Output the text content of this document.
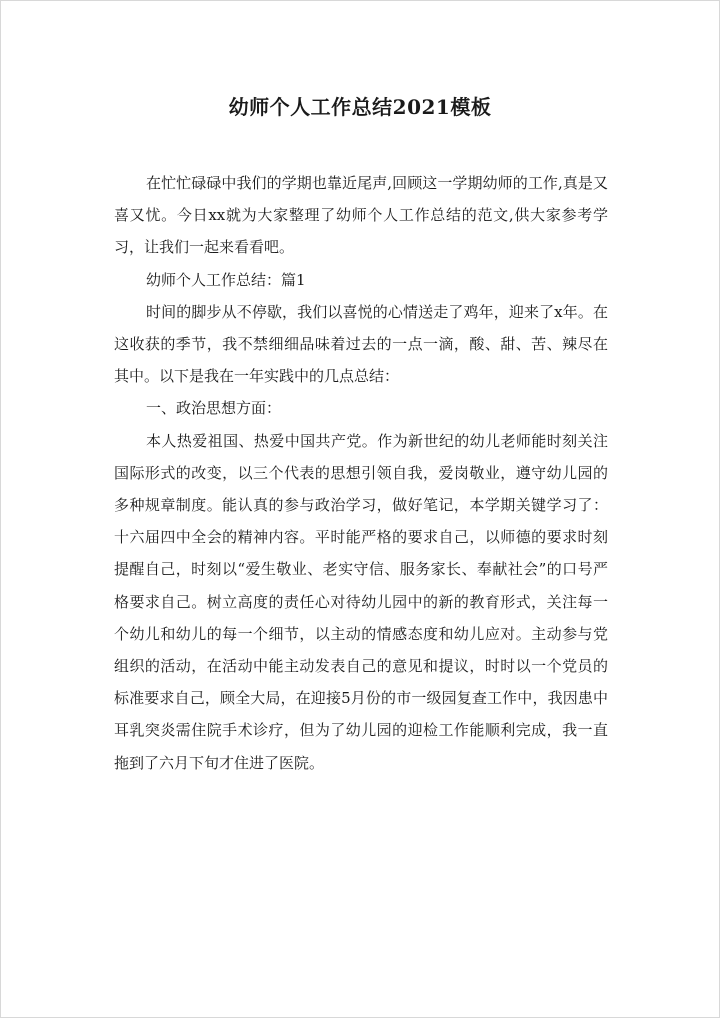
幼师个人工作总结2021模板

在忙忙碌碌中我们的学期也靠近尾声,回顾这一学期幼师的工作,真是又喜又忧。今日xx就为大家整理了幼师个人工作总结的范文,供大家参考学习，让我们一起来看看吧。

幼师个人工作总结：篇1

时间的脚步从不停歇，我们以喜悦的心情送走了鸡年，迎来了x年。在这收获的季节，我不禁细细品味着过去的一点一滴，酸、甜、苦、辣尽在其中。以下是我在一年实践中的几点总结：

一、政治思想方面：

本人热爱祖国、热爱中国共产党。作为新世纪的幼儿老师能时刻关注国际形式的改变，以三个代表的思想引领自我，爱岗敬业，遵守幼儿园的多种规章制度。能认真的参与政治学习，做好笔记，本学期关键学习了：十六届四中全会的精神内容。平时能严格的要求自己，以师德的要求时刻提醒自己，时刻以“爱生敬业、老实守信、服务家长、奉献社会”的口号严格要求自己。树立高度的责任心对待幼儿园中的新的教育形式，关注每一个幼儿和幼儿的每一个细节，以主动的情感态度和幼儿应对。主动参与党组织的活动，在活动中能主动发表自己的意见和提议，时时以一个党员的标准要求自己，顾全大局，在迎接5月份的市一级园复查工作中，我因患中耳乳突炎需住院手术诊疗，但为了幼儿园的迎检工作能顺利完成，我一直拖到了六月下旬才住进了医院。
